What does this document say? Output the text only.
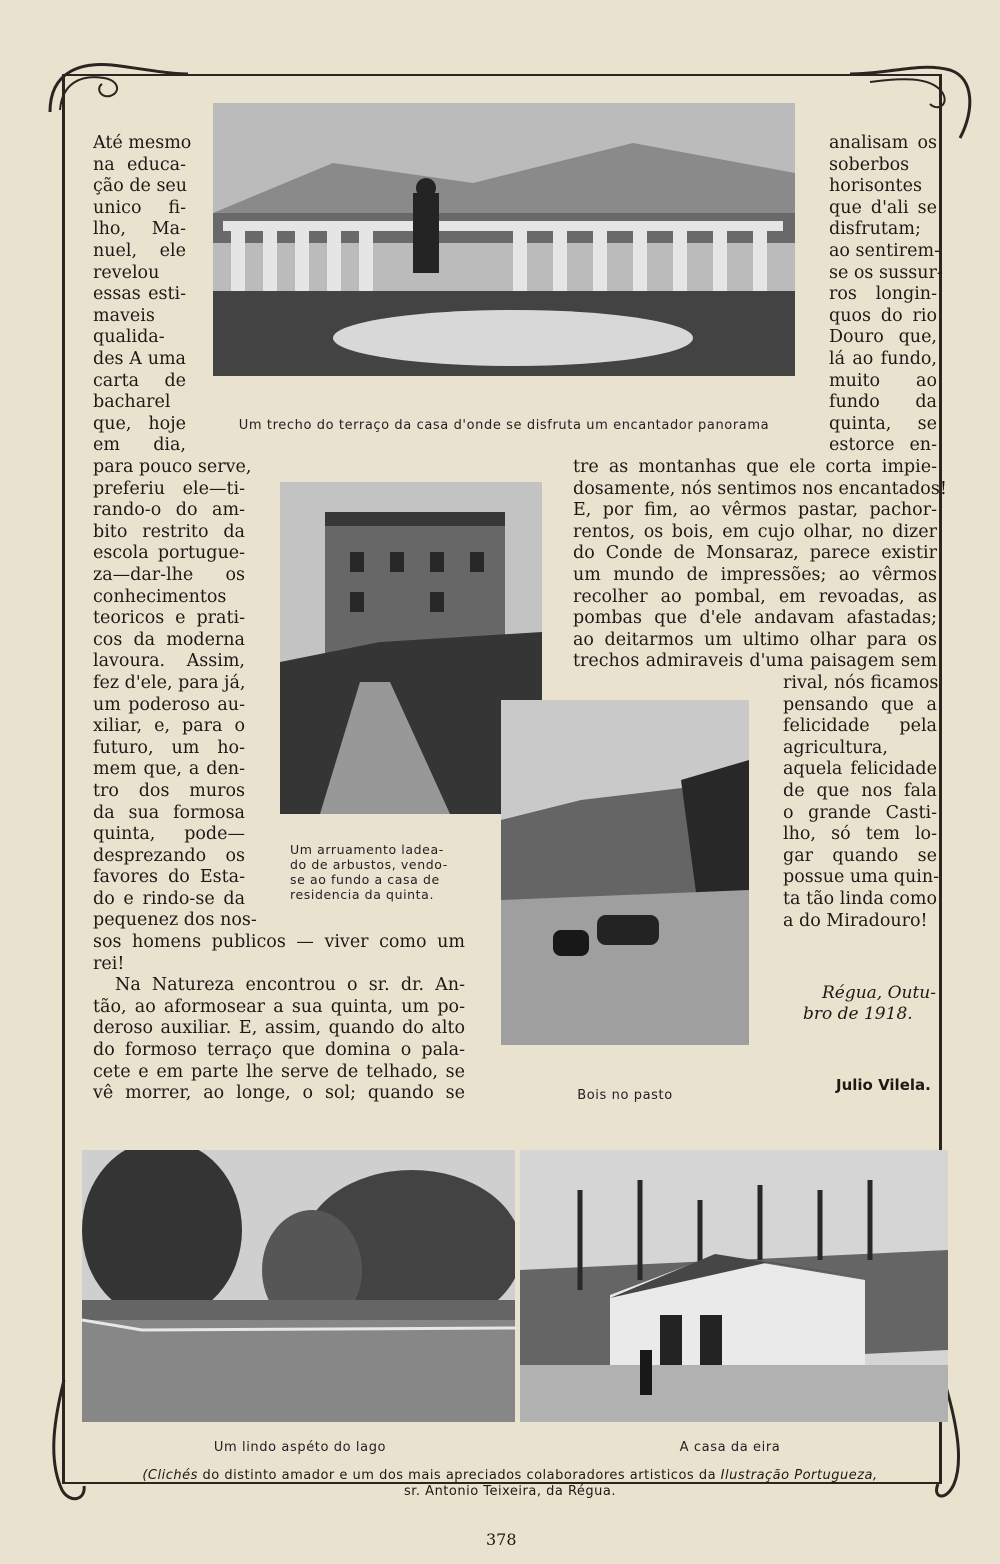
Um trecho do terraço da casa d'onde se disfruta um encantador panorama
Um arruamento ladea-
do de arbustos, vendo-
se ao fundo a casa de
residencia da quinta.
Bois no pasto
Um lindo aspéto do lago	A casa da eira
Até mesmo
na educa-
ção de seu
unico fi-
lho, Ma-
nuel, ele
revelou
essas esti-
maveis
qualida-
des A uma
carta de
bacharel
que, hoje
em dia,
para pouco serve,
preferiu ele—ti-
rando-o do am-
bito restrito da
escola portugue-
za—dar-lhe os
conhecimentos
teoricos e prati-
cos da moderna
lavoura. Assim,
fez d'ele, para já,
um poderoso au-
xiliar, e, para o
futuro, um ho-
mem que, a den-
tro dos muros
da sua formosa
quinta, pode—
desprezando os
favores do Esta-
do e rindo-se da
pequenez dos nos-
sos homens publicos — viver como um
rei!
Na Natureza encontrou o sr. dr. An-
tão, ao aformosear a sua quinta, um po-
deroso auxiliar. E, assim, quando do alto
do formoso terraço que domina o pala-
cete e em parte lhe serve de telhado, se
vê morrer, ao longe, o sol; quando se
analisam os
soberbos
horisontes
que d'ali se
disfrutam;
ao sentirem-
se os sussur-
ros longin-
quos do rio
Douro que,
lá ao fundo,
muito ao
fundo da
quinta, se
estorce en-
tre as montanhas que ele corta impie-
dosamente, nós sentimos nos encantados!
E, por fim, ao vêrmos pastar, pachor-
rentos, os bois, em cujo olhar, no dizer
do Conde de Monsaraz, parece existir
um mundo de impressões; ao vêrmos
recolher ao pombal, em revoadas, as
pombas que d'ele andavam afastadas;
ao deitarmos um ultimo olhar para os
trechos admiraveis d'uma paisagem sem
rival, nós ficamos
pensando que a
felicidade pela
agricultura,
aquela felicidade
de que nos fala
o grande Casti-
lho, só tem lo-
gar quando se
possue uma quin-
ta tão linda como
a do Miradouro!
Régua, Outu-
bro de 1918.
Julio Vilela.
(Clichés do distinto amador e um dos mais apreciados colaboradores artisticos da Ilustração Portugueza,
sr. Antonio Teixeira, da Régua.
378
